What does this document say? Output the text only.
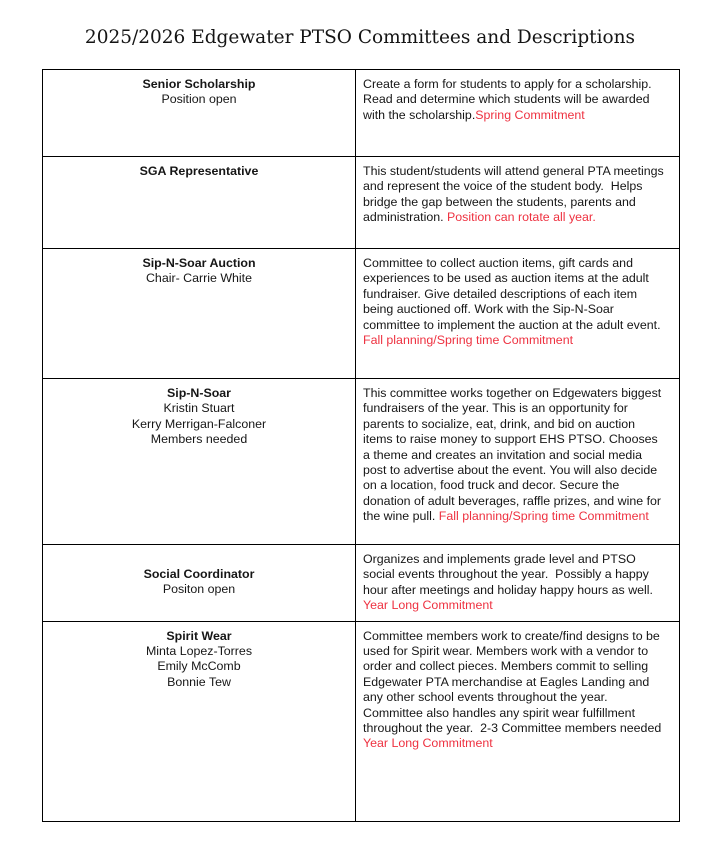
2025/2026 Edgewater PTSO Committees and Descriptions
Senior Scholarship
Position open
Create a form for students to apply for a scholarship. Read and determine which students will be awarded with the scholarship.Spring Commitment
SGA Representative	This student/students will attend general PTA meetings and represent the voice of the student body.  Helps bridge the gap between the students, parents and administration. Position can rotate all year.
Sip-N-Soar Auction
Chair- Carrie White
Committee to collect auction items, gift cards and experiences to be used as auction items at the adult fundraiser. Give detailed descriptions of each item being auctioned off. Work with the Sip-N-Soar committee to implement the auction at the adult event.
Fall planning/Spring time Commitment
Sip-N-Soar
Kristin Stuart
Kerry Merrigan-Falconer
Members needed
This committee works together on Edgewaters biggest fundraisers of the year. This is an opportunity for parents to socialize, eat, drink, and bid on auction items to raise money to support EHS PTSO. Chooses a theme and creates an invitation and social media post to advertise about the event. You will also decide on a location, food truck and decor. Secure the donation of adult beverages, raffle prizes, and wine for the wine pull. Fall planning/Spring time Commitment
Social Coordinator
Positon open
Organizes and implements grade level and PTSO social events throughout the year.  Possibly a happy hour after meetings and holiday happy hours as well.
Year Long Commitment
Spirit Wear
Minta Lopez-Torres
Emily McComb
Bonnie Tew
Committee members work to create/find designs to be used for Spirit wear. Members work with a vendor to order and collect pieces. Members commit to selling Edgewater PTA merchandise at Eagles Landing and any other school events throughout the year. Committee also handles any spirit wear fulfillment throughout the year.  2-3 Committee members needed
Year Long Commitment
